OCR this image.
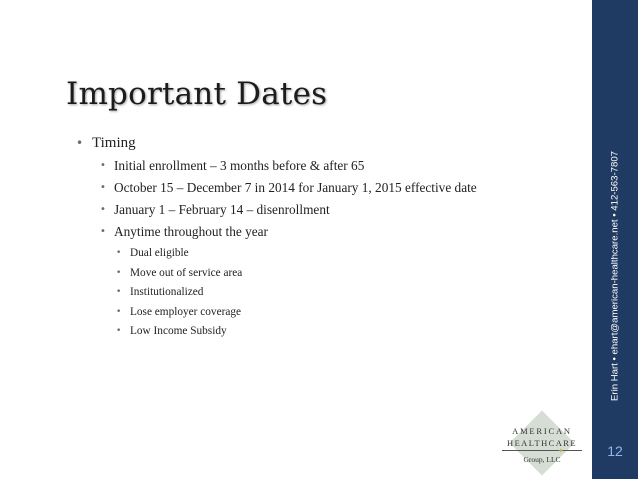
Important Dates
• Timing
• Initial enrollment – 3 months before & after 65
• October 15 – December 7 in 2014 for January 1, 2015 effective date
• January 1 – February 14 – disenrollment
• Anytime throughout the year
• Dual eligible
• Move out of service area
• Institutionalized
• Lose employer coverage
• Low Income Subsidy
AMERICAN
HEALTHCARE
✦
Group, LLC
Erin Hart • ehart@american-healthcare.net • 412-563-7807
12
